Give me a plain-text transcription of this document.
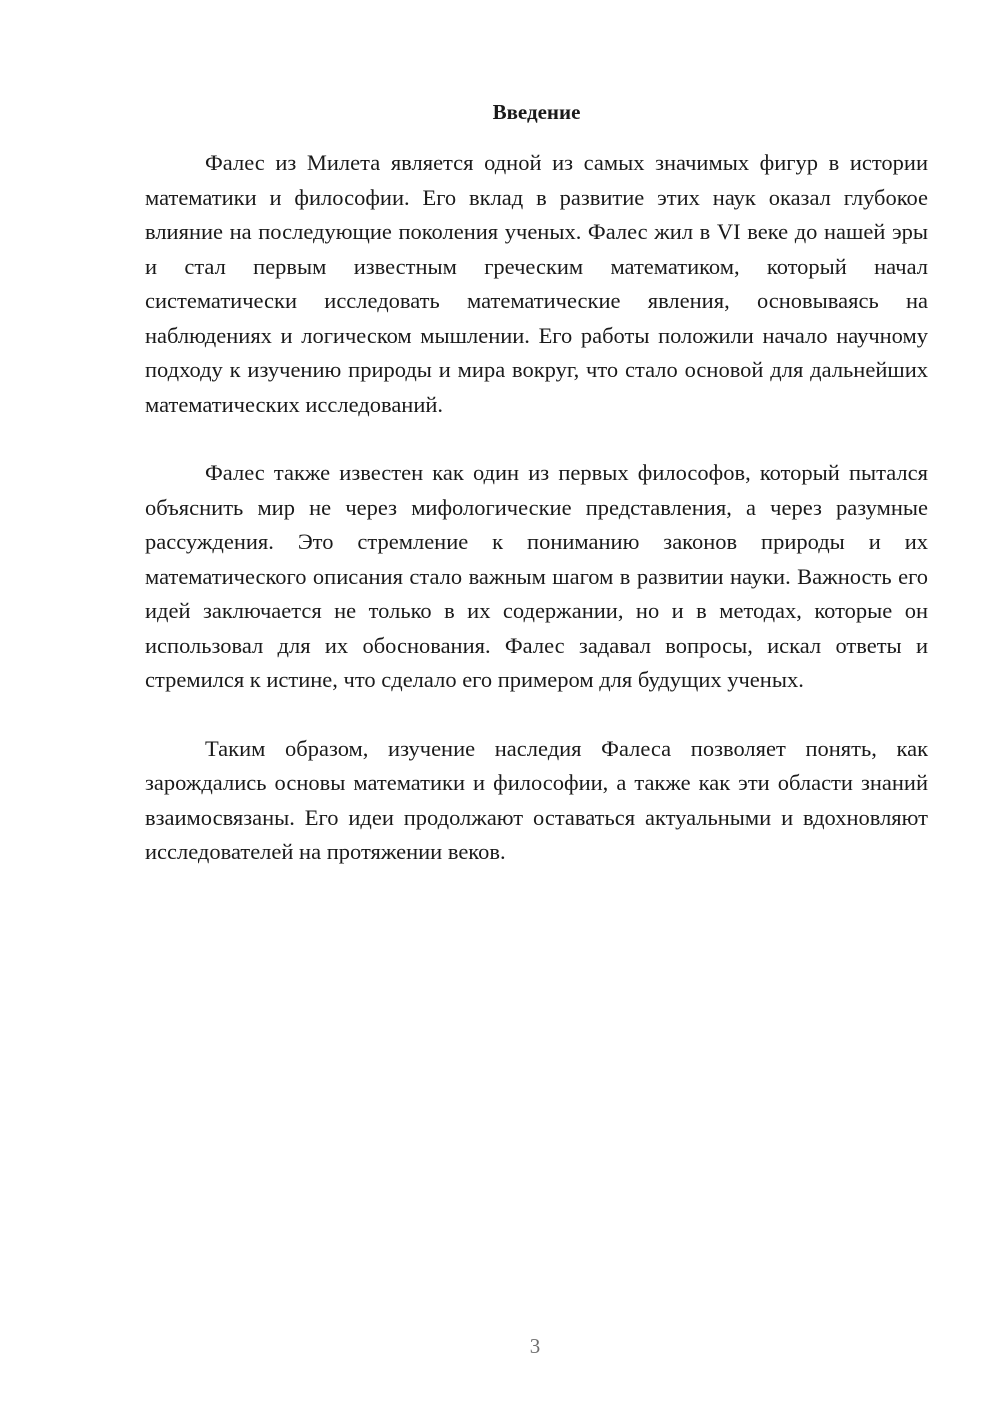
Введение

Фалес из Милета является одной из самых значимых фигур в истории математики и философии. Его вклад в развитие этих наук оказал глубокое влияние на последующие поколения ученых. Фалес жил в VI веке до нашей эры и стал первым известным греческим математиком, который начал систематически исследовать математические явления, основываясь на наблюдениях и логическом мышлении. Его работы положили начало научному подходу к изучению природы и мира вокруг, что стало основой для дальнейших математических исследований.

Фалес также известен как один из первых философов, который пытался объяснить мир не через мифологические представления, а через разумные рассуждения. Это стремление к пониманию законов природы и их математического описания стало важным шагом в развитии науки. Важность его идей заключается не только в их содержании, но и в методах, которые он использовал для их обоснования. Фалес задавал вопросы, искал ответы и стремился к истине, что сделало его примером для будущих ученых.

Таким образом, изучение наследия Фалеса позволяет понять, как зарождались основы математики и философии, а также как эти области знаний взаимосвязаны. Его идеи продолжают оставаться актуальными и вдохновляют исследователей на протяжении веков.

3
